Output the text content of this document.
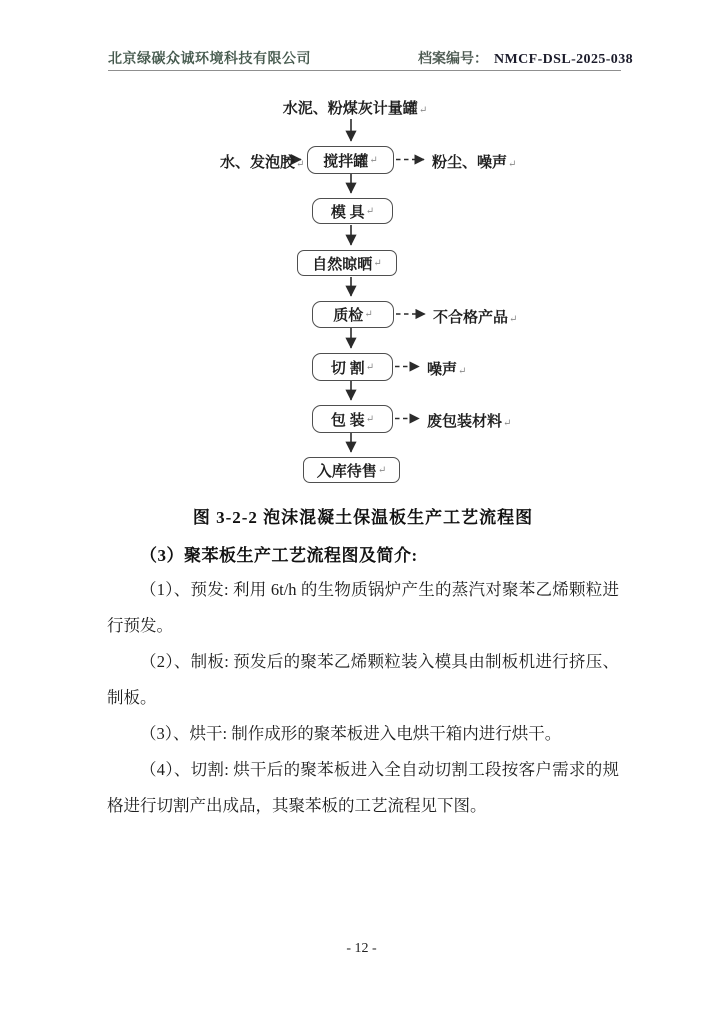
北京绿碳众诚环境科技有限公司	档案编号： NMCF-DSL-2025-038
水泥、粉煤灰计量罐↵
水、发泡胶↵	粉尘、噪声↵
不合格产品↵
噪声↵
废包装材料↵
搅拌罐 ↵
模 具 ↵
自然晾晒 ↵
质检 ↵
切 割 ↵
包 装 ↵
入库待售 ↵
图 3-2-2 泡沫混凝土保温板生产工艺流程图
（3）聚苯板生产工艺流程图及简介:

（1）、预发: 利用 6t/h 的生物质锅炉产生的蒸汽对聚苯乙烯颗粒进行预发。

（2）、制板: 预发后的聚苯乙烯颗粒装入模具由制板机进行挤压、制板。

（3）、烘干: 制作成形的聚苯板进入电烘干箱内进行烘干。

（4）、切割: 烘干后的聚苯板进入全自动切割工段按客户需求的规格进行切割产出成品，其聚苯板的工艺流程见下图。

- 12 -
